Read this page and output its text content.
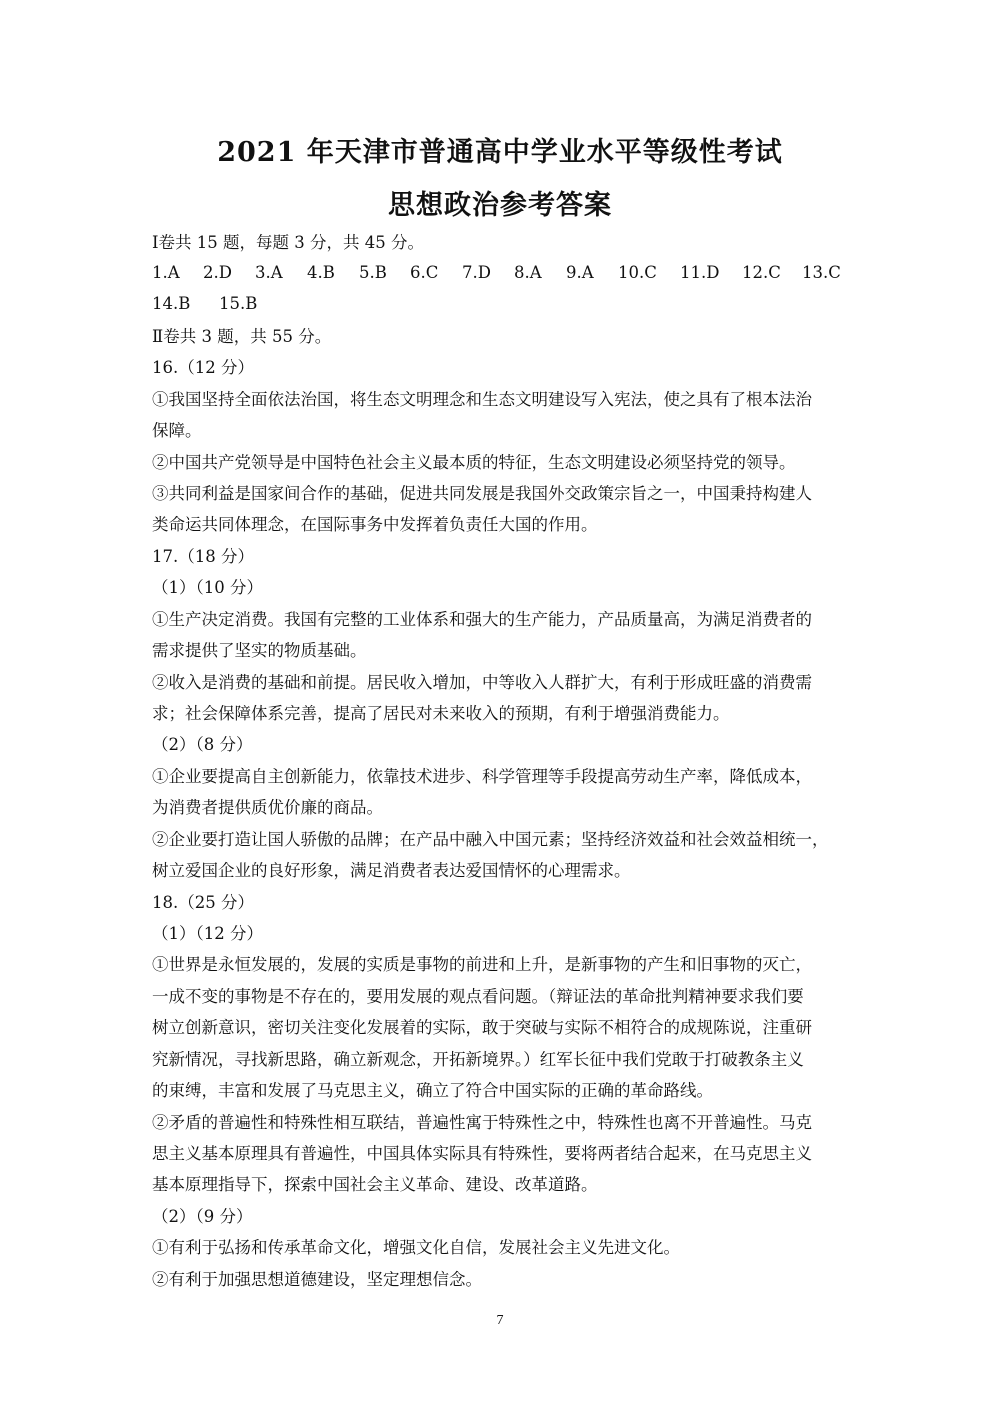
2021 年天津市普通高中学业水平等级性考试
思想政治参考答案
Ⅰ卷共 15 题，每题 3 分，共 45 分。
1.A 2.D 3.A 4.B 5.B 6.C 7.D 8.A 9.A 10.C 11.D 12.C 13.C
14.B 15.B
Ⅱ卷共 3 题，共 55 分。
16.（12 分）
①我国坚持全面依法治国，将生态文明理念和生态文明建设写入宪法，使之具有了根本法治
保障。
②中国共产党领导是中国特色社会主义最本质的特征，生态文明建设必须坚持党的领导。
③共同利益是国家间合作的基础，促进共同发展是我国外交政策宗旨之一，中国秉持构建人
类命运共同体理念，在国际事务中发挥着负责任大国的作用。
17.（18 分）
（1）（10 分）
①生产决定消费。我国有完整的工业体系和强大的生产能力，产品质量高，为满足消费者的
需求提供了坚实的物质基础。
②收入是消费的基础和前提。居民收入增加，中等收入人群扩大，有利于形成旺盛的消费需
求；社会保障体系完善，提高了居民对未来收入的预期，有利于增强消费能力。
（2）（8 分）
①企业要提高自主创新能力，依靠技术进步、科学管理等手段提高劳动生产率，降低成本，
为消费者提供质优价廉的商品。
②企业要打造让国人骄傲的品牌；在产品中融入中国元素；坚持经济效益和社会效益相统一，
树立爱国企业的良好形象，满足消费者表达爱国情怀的心理需求。
18.（25 分）
（1）（12 分）
①世界是永恒发展的，发展的实质是事物的前进和上升，是新事物的产生和旧事物的灭亡，
一成不变的事物是不存在的，要用发展的观点看问题。（辩证法的革命批判精神要求我们要
树立创新意识，密切关注变化发展着的实际，敢于突破与实际不相符合的成规陈说，注重研
究新情况，寻找新思路，确立新观念，开拓新境界。）红军长征中我们党敢于打破教条主义
的束缚，丰富和发展了马克思主义，确立了符合中国实际的正确的革命路线。
②矛盾的普遍性和特殊性相互联结，普遍性寓于特殊性之中，特殊性也离不开普遍性。马克
思主义基本原理具有普遍性，中国具体实际具有特殊性，要将两者结合起来，在马克思主义
基本原理指导下，探索中国社会主义革命、建设、改革道路。
（2）（9 分）
①有利于弘扬和传承革命文化，增强文化自信，发展社会主义先进文化。
②有利于加强思想道德建设，坚定理想信念。
7
